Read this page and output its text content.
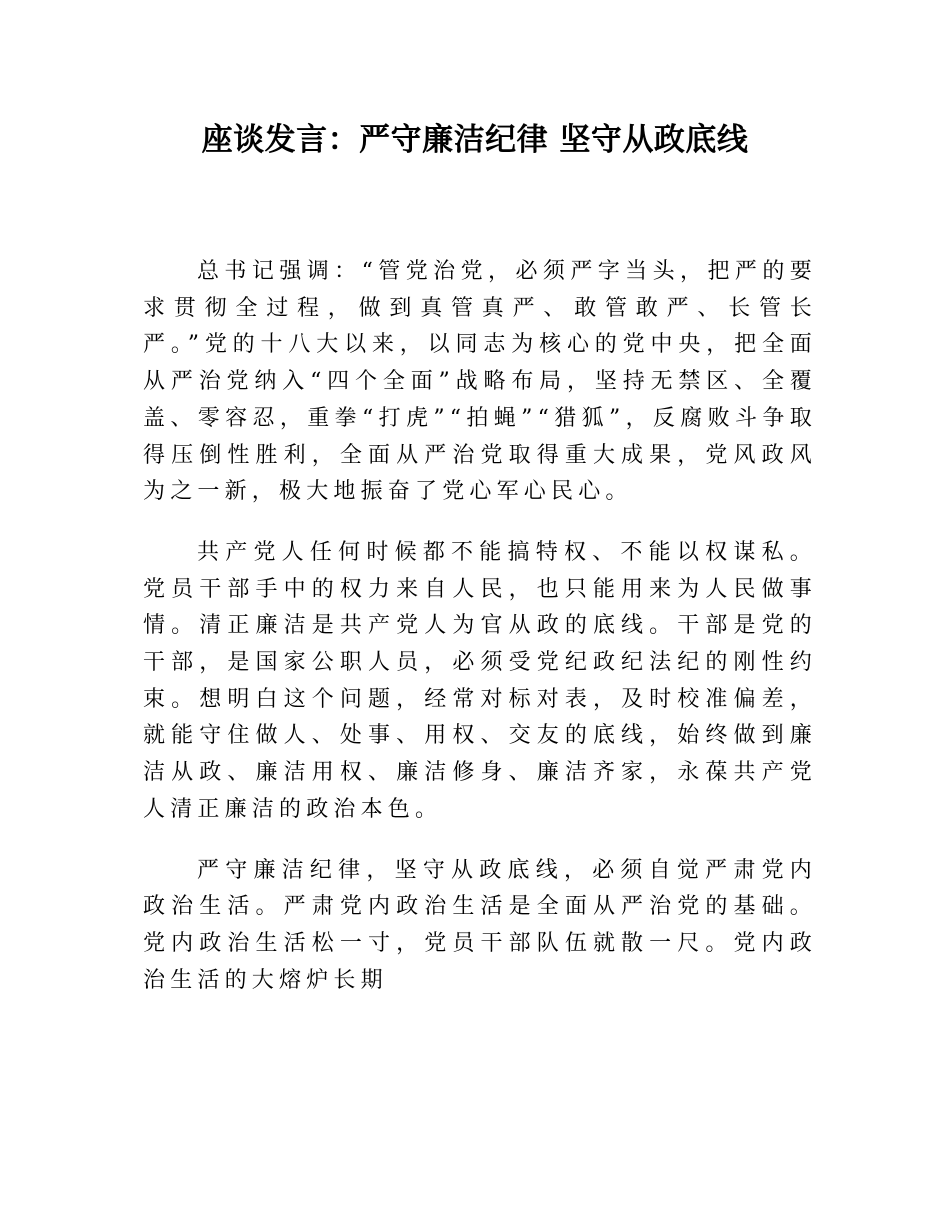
座谈发言：严守廉洁纪律 坚守从政底线

总书记强调：“管党治党，必须严字当头，把严的要求贯彻全过程，做到真管真严、敢管敢严、长管长严。”党的十八大以来，以同志为核心的党中央，把全面从严治党纳入“四个全面”战略布局，坚持无禁区、全覆盖、零容忍，重拳“打虎”“拍蝇”“猎狐”，反腐败斗争取得压倒性胜利，全面从严治党取得重大成果，党风政风为之一新，极大地振奋了党心军心民心。

共产党人任何时候都不能搞特权、不能以权谋私。党员干部手中的权力来自人民，也只能用来为人民做事情。清正廉洁是共产党人为官从政的底线。干部是党的干部，是国家公职人员，必须受党纪政纪法纪的刚性约束。想明白这个问题，经常对标对表，及时校准偏差，就能守住做人、处事、用权、交友的底线，始终做到廉洁从政、廉洁用权、廉洁修身、廉洁齐家，永葆共产党人清正廉洁的政治本色。

严守廉洁纪律，坚守从政底线，必须自觉严肃党内政治生活。严肃党内政治生活是全面从严治党的基础。党内政治生活松一寸，党员干部队伍就散一尺。党内政治生活的大熔炉长期
